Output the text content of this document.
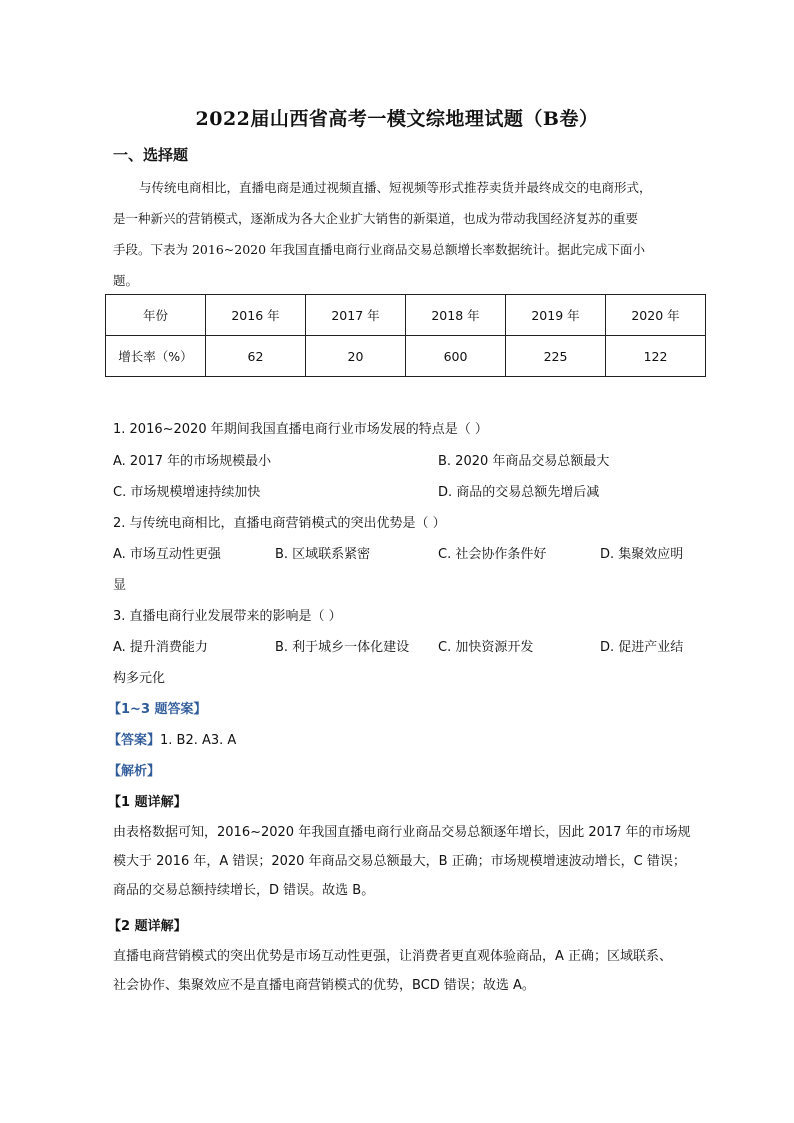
2022届山西省高考一模文综地理试题（B卷）
一、选择题
与传统电商相比，直播电商是通过视频直播、短视频等形式推荐卖货并最终成交的电商形式，
是一种新兴的营销模式，逐渐成为各大企业扩大销售的新渠道，也成为带动我国经济复苏的重要
手段。下表为 2016~2020 年我国直播电商行业商品交易总额增长率数据统计。据此完成下面小
题。
年份	2016 年	2017 年	2018 年	2019 年	2020 年
增长率（%）	62	20	600	225	122
1. 2016~2020 年期间我国直播电商行业市场发展的特点是（ ）
A. 2017 年的市场规模最小	B. 2020 年商品交易总额最大
C. 市场规模增速持续加快	D. 商品的交易总额先增后减
2. 与传统电商相比，直播电商营销模式的突出优势是（ ）
A. 市场互动性更强	B. 区域联系紧密	C. 社会协作条件好	D. 集聚效应明
显
3. 直播电商行业发展带来的影响是（ ）
A. 提升消费能力	B. 利于城乡一体化建设 C. 加快资源开发	D. 促进产业结
构多元化
【1~3 题答案】
【答案】1. B2. A3. A
【解析】
【1 题详解】
由表格数据可知，2016~2020 年我国直播电商行业商品交易总额逐年增长，因此 2017 年的市场规
模大于 2016 年，A 错误；2020 年商品交易总额最大，B 正确；市场规模增速波动增长，C 错误；
商品的交易总额持续增长，D 错误。故选 B。
【2 题详解】
直播电商营销模式的突出优势是市场互动性更强，让消费者更直观体验商品，A 正确；区域联系、
社会协作、集聚效应不是直播电商营销模式的优势，BCD 错误；故选 A。
